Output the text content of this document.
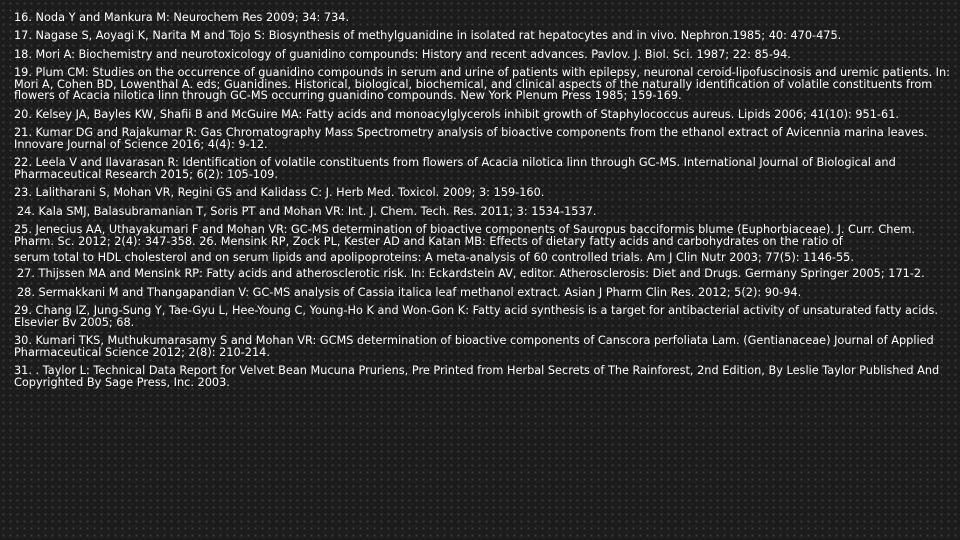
16. Noda Y and Mankura M: Neurochem Res 2009; 34: 734.
17. Nagase S, Aoyagi K, Narita M and Tojo S: Biosynthesis of methylguanidine in isolated rat hepatocytes and in vivo. Nephron.1985; 40: 470-475.
18. Mori A: Biochemistry and neurotoxicology of guanidino compounds: History and recent advances. Pavlov. J. Biol. Sci. 1987; 22: 85-94.
19. Plum CM: Studies on the occurrence of guanidino compounds in serum and urine of patients with epilepsy, neuronal ceroid-lipofuscinosis and uremic patients. In: Mori A, Cohen BD, Lowenthal A. eds; Guanidines. Historical, biological, biochemical, and clinical aspects of the naturally identification of volatile constituents from flowers of Acacia nilotica linn through GC-MS occurring guanidino compounds. New York Plenum Press 1985; 159-169.
20. Kelsey JA, Bayles KW, Shafii B and McGuire MA: Fatty acids and monoacylglycerols inhibit growth of Staphylococcus aureus. Lipids 2006; 41(10): 951-61.
21. Kumar DG and Rajakumar R: Gas Chromatography Mass Spectrometry analysis of bioactive components from the ethanol extract of Avicennia marina leaves. Innovare Journal of Science 2016; 4(4): 9-12.
22. Leela V and Ilavarasan R: Identification of volatile constituents from flowers of Acacia nilotica linn through GC-MS. International Journal of Biological and Pharmaceutical Research 2015; 6(2): 105-109.
23. Lalitharani S, Mohan VR, Regini GS and Kalidass C: J. Herb Med. Toxicol. 2009; 3: 159-160.
24. Kala SMJ, Balasubramanian T, Soris PT and Mohan VR: Int. J. Chem. Tech. Res. 2011; 3: 1534-1537.
25. Jenecius AA, Uthayakumari F and Mohan VR: GC-MS determination of bioactive components of Sauropus bacciformis blume (Euphorbiaceae). J. Curr. Chem. Pharm. Sc. 2012; 2(4): 347-358. 26. Mensink RP, Zock PL, Kester AD and Katan MB: Effects of dietary fatty acids and carbohydrates on the ratio of
serum total to HDL cholesterol and on serum lipids and apolipoproteins: A meta-analysis of 60 controlled trials. Am J Clin Nutr 2003; 77(5): 1146-55.
27. Thijssen MA and Mensink RP: Fatty acids and atherosclerotic risk. In: Eckardstein AV, editor. Atherosclerosis: Diet and Drugs. Germany Springer 2005; 171-2.
28. Sermakkani M and Thangapandian V: GC-MS analysis of Cassia italica leaf methanol extract. Asian J Pharm Clin Res. 2012; 5(2): 90-94.
29. Chang IZ, Jung-Sung Y, Tae-Gyu L, Hee-Young C, Young-Ho K and Won-Gon K: Fatty acid synthesis is a target for antibacterial activity of unsaturated fatty acids. Elsevier Bv 2005; 68.
30. Kumari TKS, Muthukumarasamy S and Mohan VR: GCMS determination of bioactive components of Canscora perfoliata Lam. (Gentianaceae) Journal of Applied Pharmaceutical Science 2012; 2(8): 210-214.
31. . Taylor L: Technical Data Report for Velvet Bean Mucuna Pruriens, Pre Printed from Herbal Secrets of The Rainforest, 2nd Edition, By Leslie Taylor Published And Copyrighted By Sage Press, Inc. 2003.
